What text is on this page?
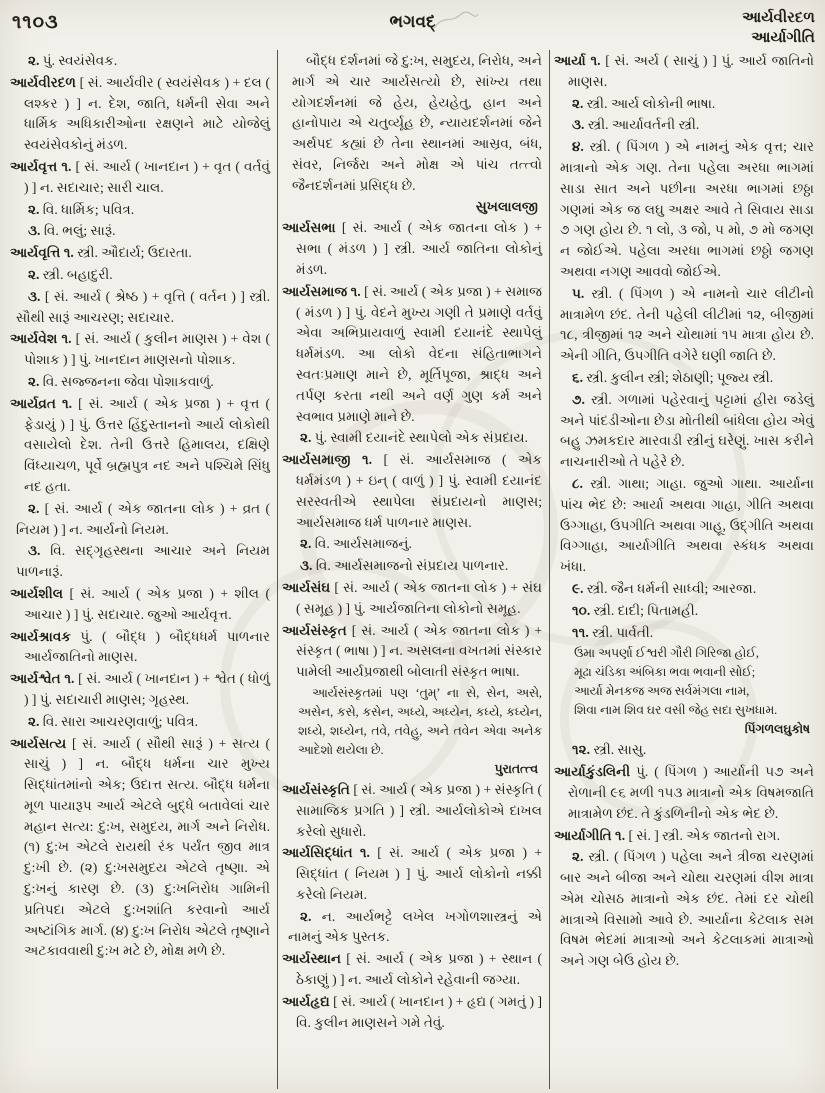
૧૧૦૩	ભગવદ્	આર્યવીરદળ
આર્યાગીતિ

૨. પું. સ્વયંસેવક.

આર્યવીરદળ [ સં. આર્યવીર ( સ્વયંસેવક ) + દલ ( લશ્કર ) ] ન. દેશ, જાતિ, ધર્મની સેવા અને ધાર્મિક અધિકારીઓના રક્ષણને માટે યોજેલું સ્વયંસેવકોનું મંડળ.

આર્યવૃત્ત ૧. [ સં. આર્ય ( ખાનદાન ) + વૃત ( વર્તવું ) ] ન. સદાચાર; સારી ચાલ.

૨. વિ. ધાર્મિક; પવિત્ર.

૩. વિ. ભલું; સારૂં.

આર્યવૃત્તિ ૧. સ્ત્રી. ઔદાર્ય; ઉદારતા.

૨. સ્ત્રી. બહાદુરી.

૩. [ સં. આર્ય ( શ્રેષ્ઠ ) + વૃત્તિ ( વર્તન ) ] સ્ત્રી. સૌથી સારૂં આચરણ; સદાચાર.

આર્યવેશ ૧. [ સં. આર્ય ( કુલીન માણસ ) + વેશ ( પોશાક ) ] પું. ખાનદાન માણસનો પોશાક.

૨. વિ. સજ્જનના જેવા પોશાકવાળું.

આર્યવ્રત ૧. [ સં. આર્ય ( એક પ્રજા ) + વૃત્ત ( ફેડાયું ) ] પું. ઉત્તર હિંદુસ્તાનનો આર્ય લોકોથી વસાયેલો દેશ. તેની ઉત્તરે હિમાલય, દક્ષિણે વિંધ્યાચળ, પૂર્વે બ્રહ્મપુત્ર નદ અને પશ્ચિમે સિંધુ નદ હતા.

૨. [ સં. આર્ય ( એક જાતના લોક ) + વ્રત ( નિયમ ) ] ન. આર્યનો નિયમ.

૩. વિ. સદ્‌ગૃહસ્થના આચાર અને નિયમ પાળનારૂં.

આર્યશીલ [ સં. આર્ય ( એક પ્રજા ) + શીલ ( આચાર ) ] પું. સદાચાર. જુઓ આર્યવૃત્ત.

આર્યશ્રાવક પું. ( બૌદ્ધ ) બૌદ્ધધર્મ પાળનાર આર્યજાતિનો માણસ.

આર્યશ્વેત ૧. [ સં. આર્ય ( ખાનદાન ) + શ્વેત ( ધોળું ) ] પું. સદાચારી માણસ; ગૃહસ્થ.

૨. વિ. સારા આચરણવાળું; પવિત્ર.

આર્યસત્ય [ સં. આર્ય ( સૌથી સારૂં ) + સત્ય ( સાચું ) ] ન. બૌદ્ધ ધર્મના ચાર મુખ્ય સિદ્ધાંતમાંનો એક; ઉદાત્ત સત્ય. બૌદ્ધ ધર્મના મૂળ પાયારૂપ આર્ય એટલે બુદ્ધે બતાવેલાં ચાર મહાન સત્ય: દુ:ખ, સમુદય, માર્ગ અને નિરોધ. (૧) દુ:ખ એટલે રાયથી રંક પર્યંત જીવ માત્ર દુ:ખી છે. (૨) દુ:ખસમુદય એટલે તૃષ્ણા. એ દુ:ખનું કારણ છે. (૩) દુ:ખનિરોધ ગામિની પ્રતિપદા એટલે દુ:ખશાંતિ કરવાનો આર્ય અષ્ટાંગિક માર્ગ. (૪) દુ:ખ નિરોધ એટલે તૃષ્ણાને અટકાવવાથી દુ:ખ મટે છે, મોક્ષ મળે છે.

બૌદ્ધ દર્શનમાં જે દુ:ખ, સમુદય, નિરોધ, અને માર્ગ એ ચાર આર્યસત્યો છે, સાંખ્ય તથા યોગદર્શનમાં જે હેય, હેયહેતુ, હાન અને હાનોપાય એ ચતુર્વ્યૂહ છે, ન્યાયદર્શનમાં જેને અર્થપદ કહ્યાં છે તેના સ્થાનમાં આસ્રવ, બંધ, સંવર, નિર્જરા અને મોક્ષ એ પાંચ તત્ત્વો જૈનદર્શનમાં પ્રસિદ્ધ છે.
સુખલાલજી

આર્યસભા [ સં. આર્ય ( એક જાતના લોક ) + સભા ( મંડળ ) ] સ્ત્રી. આર્ય જાતિના લોકોનું મંડળ.

આર્યસમાજ ૧. [ સં. આર્ય ( એક પ્રજા ) + સમાજ ( મંડળ ) ] પું. વેદને મુખ્ય ગણી તે પ્રમાણે વર્તવું એવા અભિપ્રાયવાળું સ્વામી દયાનંદે સ્થાપેલું ધર્મમંડળ. આ લોકો વેદના સંહિતાભાગને સ્વતઃપ્રમાણ માને છે, મૂર્તિપૂજા, શ્રાદ્ધ અને તર્પણ કરતા નથી અને વર્ણ ગુણ કર્મ અને સ્વભાવ પ્રમાણે માને છે.

૨. પું. સ્વામી દયાનંદે સ્થાપેલો એક સંપ્રદાય.

આર્યસમાજી ૧. [ સં. આર્યસમાજ ( એક ધર્મમંડળ ) + ઇન્ ( વાળું ) ] પું. સ્વામી દયાનંદ સરસ્વતીએ સ્થાપેલા સંપ્રદાયનો માણસ; આર્યસમાજ ધર્મ પાળનાર માણસ.

૨. વિ. આર્યસમાજનું.

૩. વિ. આર્યસમાજનો સંપ્રદાય પાળનાર.

આર્યસંઘ [ સં. આર્ય ( એક જાતના લોક ) + સંઘ ( સમૂહ ) ] પું. આર્યજાતિના લોકોનો સમૂહ.

આર્યસંસ્કૃત [ સં. આર્ય ( એક જાતના લોક ) + સંસ્કૃત ( ભાષા ) ] ન. અસલના વખતમાં સંસ્કાર પામેલી આર્યપ્રજાથી બોલાતી સંસ્કૃત ભાષા.

આર્યસંસ્કૃતમાં પણ ‘તુમ્’ ના સે, સેન, અસે, અસેન, કસે, કસેન, અધ્યે, અધ્યેન, કધ્યે, કધ્યેન, શધ્યે, શધ્યેન, તવે, તવેહુ, અને તવેન એવા અનેક આદેશો થયેલા છે.
પુરાતત્ત્વ

આર્યસંસ્કૃતિ [ સં. આર્ય ( એક પ્રજા ) + સંસ્કૃતિ ( સામાજિક પ્રગતિ ) ] સ્ત્રી. આર્યલોકોએ દાખલ કરેલો સુધારો.

આર્યસિદ્ધાંત ૧. [ સં. આર્ય ( એક પ્રજા ) + સિદ્ધાંત ( નિયમ ) ] પું. આર્ય લોકોનો નક્કી કરેલો નિયમ.

૨. ન. આર્યભટ્ટે લખેલ ખગોળશાસ્ત્રનું એ નામનું એક પુસ્તક.

આર્યસ્થાન [ સં. આર્ય ( એક પ્રજા ) + સ્થાન ( ઠેકાણું ) ] ન. આર્ય લોકોને રહેવાની જગ્યા.

આર્યહૃદ્ય [ સં. આર્ય ( ખાનદાન ) + હૃદ્ય ( ગમતું ) ] વિ. કુલીન માણસને ગમે તેવું.

આર્યા ૧. [ સં. અર્ય ( સાચું ) ] પું. આર્ય જાતિનો માણસ.

૨. સ્ત્રી. આર્ય લોકોની ભાષા.

૩. સ્ત્રી. આર્યાવર્તની સ્ત્રી.

૪. સ્ત્રી. ( પિંગળ ) એ નામનું એક વૃત્ત; ચાર માત્રાનો એક ગણ. તેના પહેલા અરધા ભાગમાં સાડા સાત અને પછીના અરધા ભાગમાં છઠ્ઠા ગણમાં એક જ લઘુ અક્ષર આવે તે સિવાય સાડા ૭ ગણ હોય છે. ૧ લો, ૩ જો, ૫ મો, ૭ મો જગણ ન જોઈએ. પહેલા અરધા ભાગમાં છઠ્ઠો જગણ અથવા નગણ આવવો જોઈએ.

૫. સ્ત્રી. ( પિંગળ ) એ નામનો ચાર લીટીનો માત્રામેળ છંદ. તેની પહેલી લીટીમાં ૧૨, બીજીમાં ૧૮, ત્રીજીમાં ૧૨ અને ચોથામાં ૧૫ માત્રા હોય છે. એની ગીતિ, ઉપગીતિ વગેરે ઘણી જાતિ છે.

૬. સ્ત્રી. કુલીન સ્ત્રી; શેઠાણી; પૂજ્ય સ્ત્રી.

૭. સ્ત્રી. ગળામાં પહેરવાનું પટ્ટામાં હીરા જડેલું અને પાંદડીઓના છેડા મોતીથી બાંધેલા હોય એવું બહુ ઝમકદાર મારવાડી સ્ત્રીનું ઘરેણું. ખાસ કરીને નાચનારીઓ તે પહેરે છે.

૮. સ્ત્રી. ગાથા; ગાહા. જુઓ ગાથા. આર્યાના પાંચ ભેદ છે: આર્યા અથવા ગાહા, ગીતિ અથવા ઉગ્ગાહા, ઉપગીતિ અથવા ગાહૂ, ઉદ્‌ગીતિ અથવા વિગ્ગાહા, આર્યાગીતિ અથવા સ્કંધક અથવા ખંધા.

૯. સ્ત્રી. જૈન ધર્મની સાધ્વી; આરજા.

૧૦. સ્ત્રી. દાદી; પિતામહી.

૧૧. સ્ત્રી. પાર્વતી.

ઉમા અપર્ણા ઈશ્વરી ગૌરી ગિરિજા હોઈ,
મૂઢા ચંડિકા અંબિકા ભવા ભવાની સોઈ;
આર્યા મેનકજ અજ સર્વમંગલા નામ,
શિવા નામ શિવ ઘર વસી જેહ સદા સુખધામ.
પિંગળલઘુકોષ

૧૨. સ્ત્રી. સાસુ.

આર્યાકુંડલિની પું. ( પિંગળ ) આર્યાની ૫૭ અને રોળાની ૯૬ મળી ૧૫૩ માત્રાનો એક વિષમજાતિ માત્રામેળ છંદ. તે કુંડળિનીનો એક ભેદ છે.

આર્યાગીતિ ૧. [ સં. ] સ્ત્રી. એક જાતનો રાગ.

૨. સ્ત્રી. ( પિંગળ ) પહેલા અને ત્રીજા ચરણમાં બાર અને બીજા અને ચોથા ચરણમાં વીશ માત્રા એમ ચોસઠ માત્રાનો એક છંદ. તેમાં દર ચોથી માત્રાએ વિસામો આવે છે. આર્યાના કેટલાક સમ વિષમ ભેદમાં માત્રાઓ અને કેટલાકમાં માત્રાઓ અને ગણ બેઉ હોય છે.
